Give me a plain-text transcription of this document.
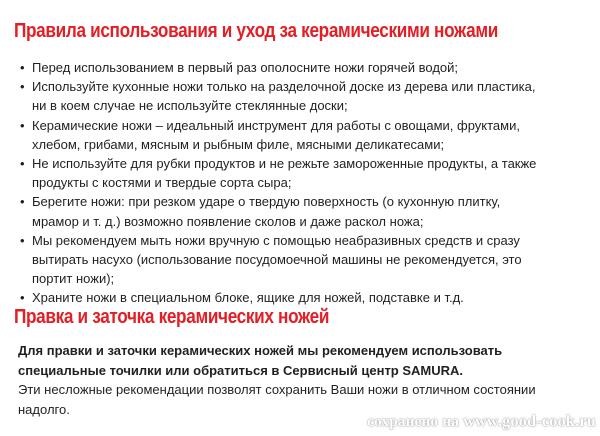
Правила использования и уход за керамическими ножами
• Перед использованием в первый раз ополосните ножи горячей водой;
• Используйте кухонные ножи только на разделочной доске из дерева или пластика,
ни в коем случае не используйте стеклянные доски;
• Керамические ножи – идеальный инструмент для работы с овощами, фруктами,
хлебом, грибами, мясным и рыбным филе, мясными деликатесами;
• Не используйте для рубки продуктов и не режьте замороженные продукты, а также
продукты с костями и твердые сорта сыра;
• Берегите ножи: при резком ударе о твердую поверхность (о кухонную плитку,
мрамор и т. д.) возможно появление сколов и даже раскол ножа;
• Мы рекомендуем мыть ножи вручную с помощью неабразивных средств и сразу
вытирать насухо (использование посудомоечной машины не рекомендуется, это
портит ножи);
• Храните ножи в специальном блоке, ящике для ножей, подставке и т.д.
Правка и заточка керамических ножей

Для правки и заточки керамических ножей мы рекомендуем использовать
специальные точилки или обратиться в Сервисный центр SAMURA.

Эти несложные рекомендации позволят сохранить Ваши ножи в отличном состоянии
надолго.

сохранено на www.good-cook.ru
